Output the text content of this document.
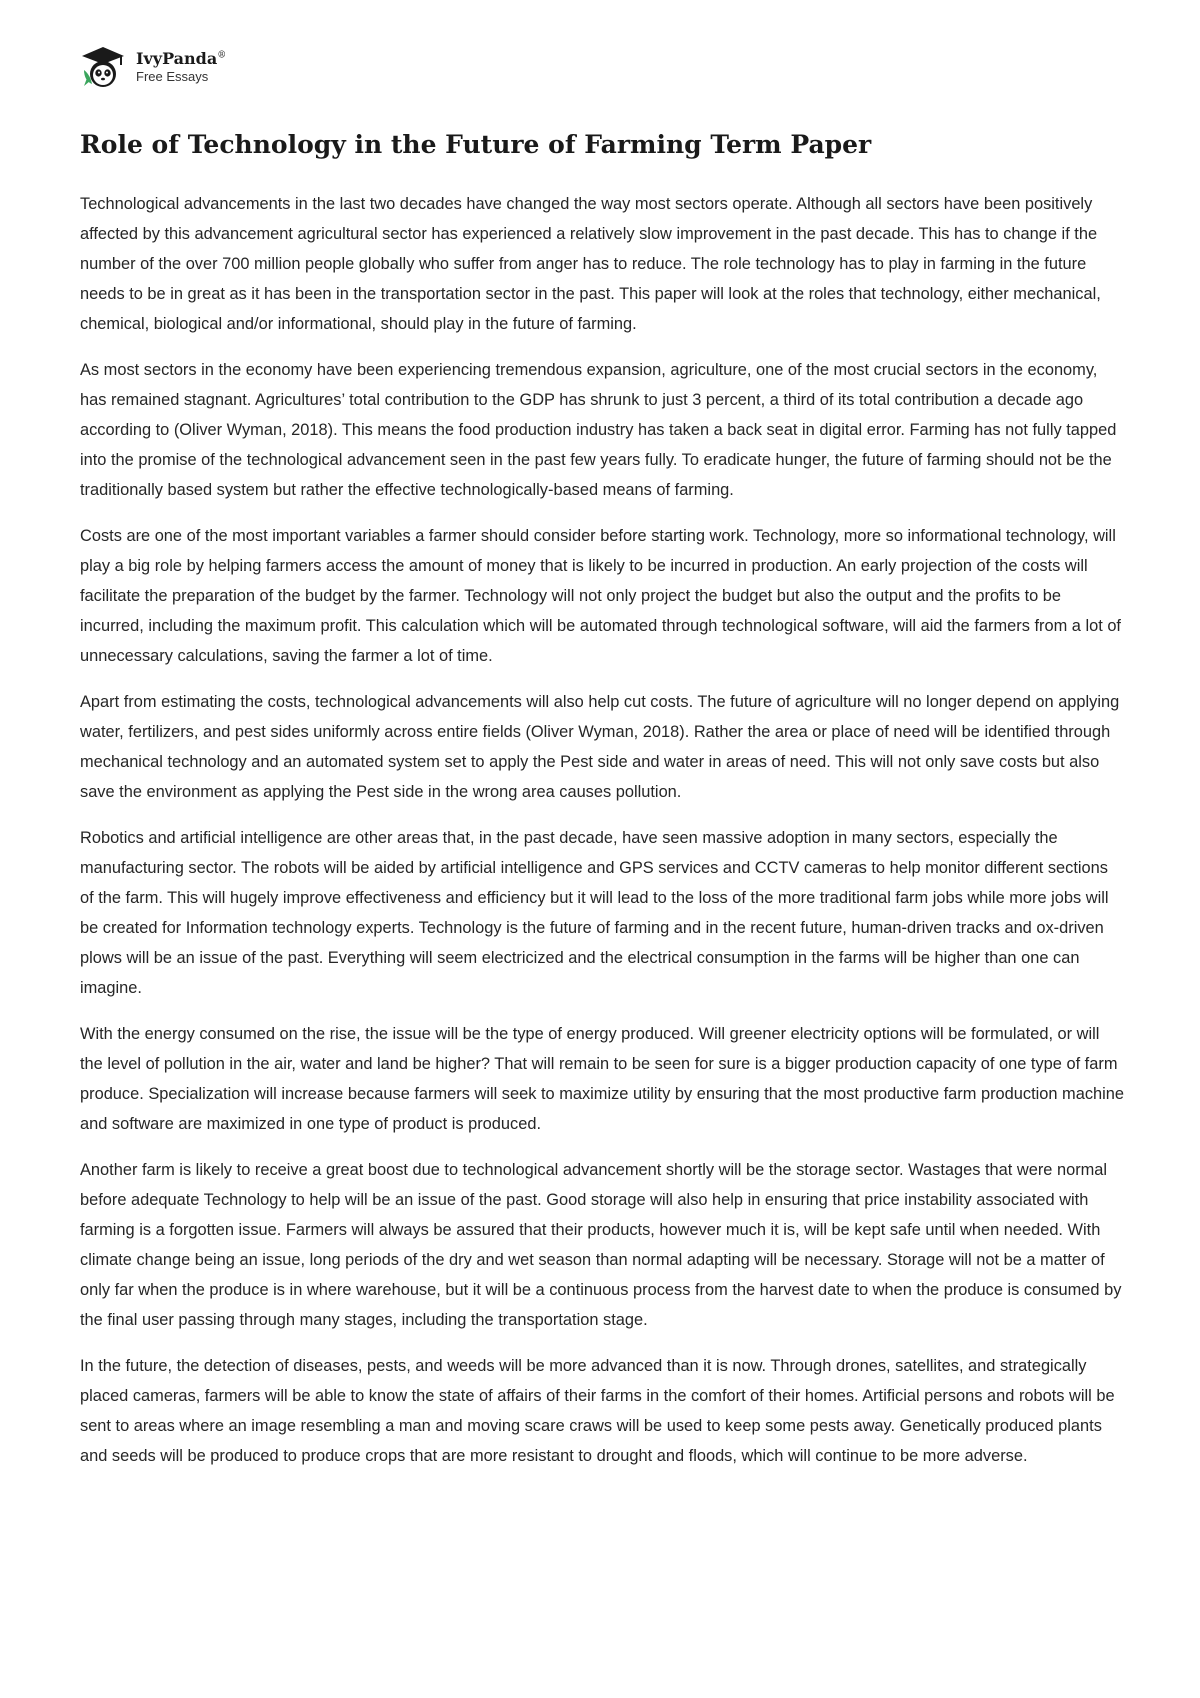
IvyPanda®
Free Essays
Role of Technology in the Future of Farming Term Paper

Technological advancements in the last two decades have changed the way most sectors operate. Although all sectors have been positively affected by this advancement agricultural sector has experienced a relatively slow improvement in the past decade. This has to change if the number of the over 700 million people globally who suffer from anger has to reduce. The role technology has to play in farming in the future needs to be in great as it has been in the transportation sector in the past. This paper will look at the roles that technology, either mechanical, chemical, biological and/or informational, should play in the future of farming.

As most sectors in the economy have been experiencing tremendous expansion, agriculture, one of the most crucial sectors in the economy, has remained stagnant. Agricultures’ total contribution to the GDP has shrunk to just 3 percent, a third of its total contribution a decade ago according to (Oliver Wyman, 2018). This means the food production industry has taken a back seat in digital error. Farming has not fully tapped into the promise of the technological advancement seen in the past few years fully. To eradicate hunger, the future of farming should not be the traditionally based system but rather the effective technologically-based means of farming.

Costs are one of the most important variables a farmer should consider before starting work. Technology, more so informational technology, will play a big role by helping farmers access the amount of money that is likely to be incurred in production. An early projection of the costs will facilitate the preparation of the budget by the farmer. Technology will not only project the budget but also the output and the profits to be incurred, including the maximum profit. This calculation which will be automated through technological software, will aid the farmers from a lot of unnecessary calculations, saving the farmer a lot of time.

Apart from estimating the costs, technological advancements will also help cut costs. The future of agriculture will no longer depend on applying water, fertilizers, and pest sides uniformly across entire fields (Oliver Wyman, 2018). Rather the area or place of need will be identified through mechanical technology and an automated system set to apply the Pest side and water in areas of need. This will not only save costs but also save the environment as applying the Pest side in the wrong area causes pollution.

Robotics and artificial intelligence are other areas that, in the past decade, have seen massive adoption in many sectors, especially the manufacturing sector. The robots will be aided by artificial intelligence and GPS services and CCTV cameras to help monitor different sections of the farm. This will hugely improve effectiveness and efficiency but it will lead to the loss of the more traditional farm jobs while more jobs will be created for Information technology experts. Technology is the future of farming and in the recent future, human-driven tracks and ox-driven plows will be an issue of the past. Everything will seem electricized and the electrical consumption in the farms will be higher than one can imagine.

With the energy consumed on the rise, the issue will be the type of energy produced. Will greener electricity options will be formulated, or will the level of pollution in the air, water and land be higher? That will remain to be seen for sure is a bigger production capacity of one type of farm produce. Specialization will increase because farmers will seek to maximize utility by ensuring that the most productive farm production machine and software are maximized in one type of product is produced.

Another farm is likely to receive a great boost due to technological advancement shortly will be the storage sector. Wastages that were normal before adequate Technology to help will be an issue of the past. Good storage will also help in ensuring that price instability associated with farming is a forgotten issue. Farmers will always be assured that their products, however much it is, will be kept safe until when needed. With climate change being an issue, long periods of the dry and wet season than normal adapting will be necessary. Storage will not be a matter of only far when the produce is in where warehouse, but it will be a continuous process from the harvest date to when the produce is consumed by the final user passing through many stages, including the transportation stage.

In the future, the detection of diseases, pests, and weeds will be more advanced than it is now. Through drones, satellites, and strategically placed cameras, farmers will be able to know the state of affairs of their farms in the comfort of their homes. Artificial persons and robots will be sent to areas where an image resembling a man and moving scare craws will be used to keep some pests away. Genetically produced plants and seeds will be produced to produce crops that are more resistant to drought and floods, which will continue to be more adverse.
